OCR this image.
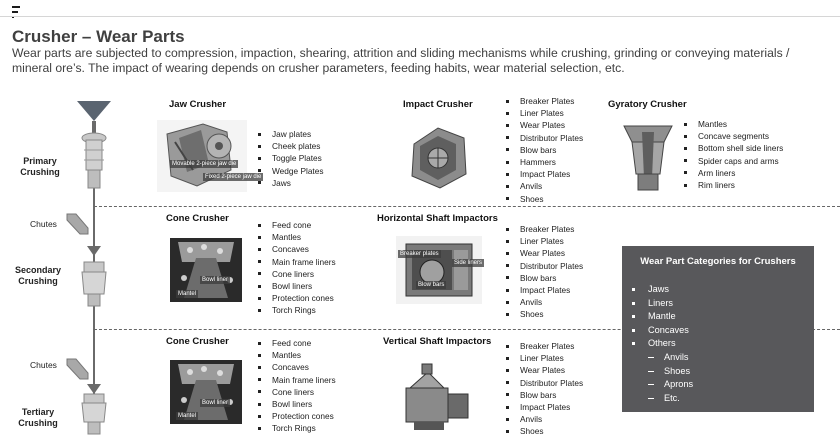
Crusher – Wear Parts
Wear parts are subjected to compression, impaction, shearing, attrition and sliding mechanisms while crushing, grinding or conveying materials / mineral ore’s. The impact of wearing depends on crusher parameters, feeding habits, wear material selection, etc.
Primary Crushing
Chutes
Secondary Crushing
Chutes
Tertiary Crushing
Jaw Crusher
Movable 2-piece jaw die
Fixed 2-piece jaw die
Jaw plates
Cheek plates
Toggle Plates
Wedge Plates
Jaws
Impact Crusher	Breaker Plates
Liner Plates
Wear Plates
Distributor Plates
Blow bars
Hammers
Impact Plates
Anvils
Shoes
Gyratory Crusher
Mantles
Concave segments
Bottom shell side liners
Spider caps and arms
Arm liners
Rim liners
Cone Crusher
Bowl liner
Mantel
Feed cone
Mantles
Concaves
Main frame liners
Cone liners
Bowl liners
Protection cones
Torch Rings
Horizontal Shaft Impactors
Breaker plates
Side liners
Blow bars
Breaker Plates
Liner Plates
Wear Plates
Distributor Plates
Blow bars
Impact Plates
Anvils
Shoes
Cone Crusher
Bowl liner
Mantel
Feed cone
Mantles
Concaves
Main frame liners
Cone liners
Bowl liners
Protection cones
Torch Rings
Vertical Shaft Impactors	Breaker Plates
Liner Plates
Wear Plates
Distributor Plates
Blow bars
Impact Plates
Anvils
Shoes
Wear Part Categories for Crushers
Jaws
Liners
Mantle
Concaves
Others
Anvils
Shoes
Aprons
Etc.
